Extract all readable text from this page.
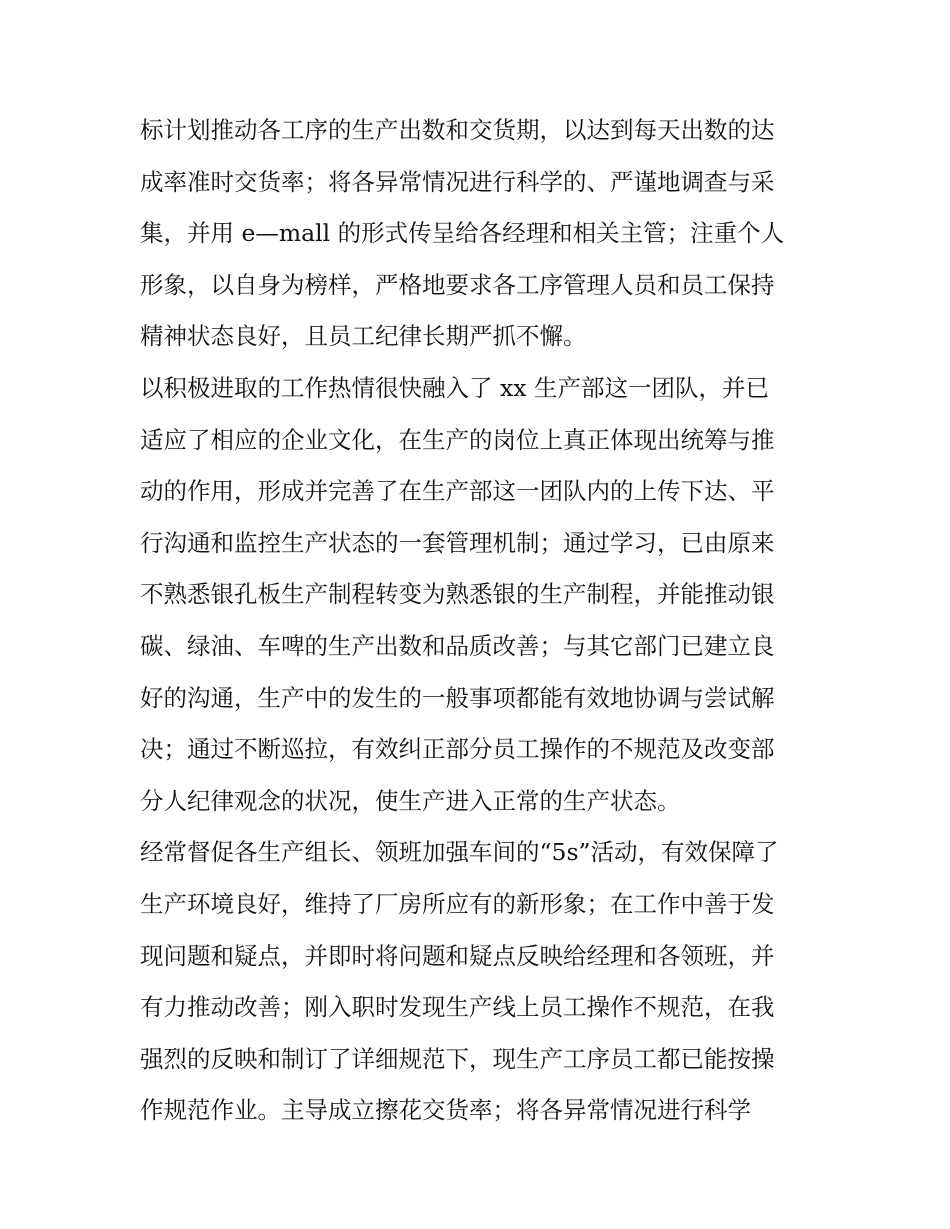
标计划推动各工序的生产出数和交货期，以达到每天出数的达
成率准时交货率；将各异常情况进行科学的、严谨地调查与采
集，并用 e—mall 的形式传呈给各经理和相关主管；注重个人
形象，以自身为榜样，严格地要求各工序管理人员和员工保持
精神状态良好，且员工纪律长期严抓不懈。
以积极进取的工作热情很快融入了 xx 生产部这一团队，并已
适应了相应的企业文化，在生产的岗位上真正体现出统筹与推
动的作用，形成并完善了在生产部这一团队内的上传下达、平
行沟通和监控生产状态的一套管理机制；通过学习，已由原来
不熟悉银孔板生产制程转变为熟悉银的生产制程，并能推动银
碳、绿油、车啤的生产出数和品质改善；与其它部门已建立良
好的沟通，生产中的发生的一般事项都能有效地协调与尝试解
决；通过不断巡拉，有效纠正部分员工操作的不规范及改变部
分人纪律观念的状况，使生产进入正常的生产状态。
经常督促各生产组长、领班加强车间的“5s”活动，有效保障了
生产环境良好，维持了厂房所应有的新形象；在工作中善于发
现问题和疑点，并即时将问题和疑点反映给经理和各领班，并
有力推动改善；刚入职时发现生产线上员工操作不规范，在我
强烈的反映和制订了详细规范下，现生产工序员工都已能按操
作规范作业。主导成立擦花交货率；将各异常情况进行科学
